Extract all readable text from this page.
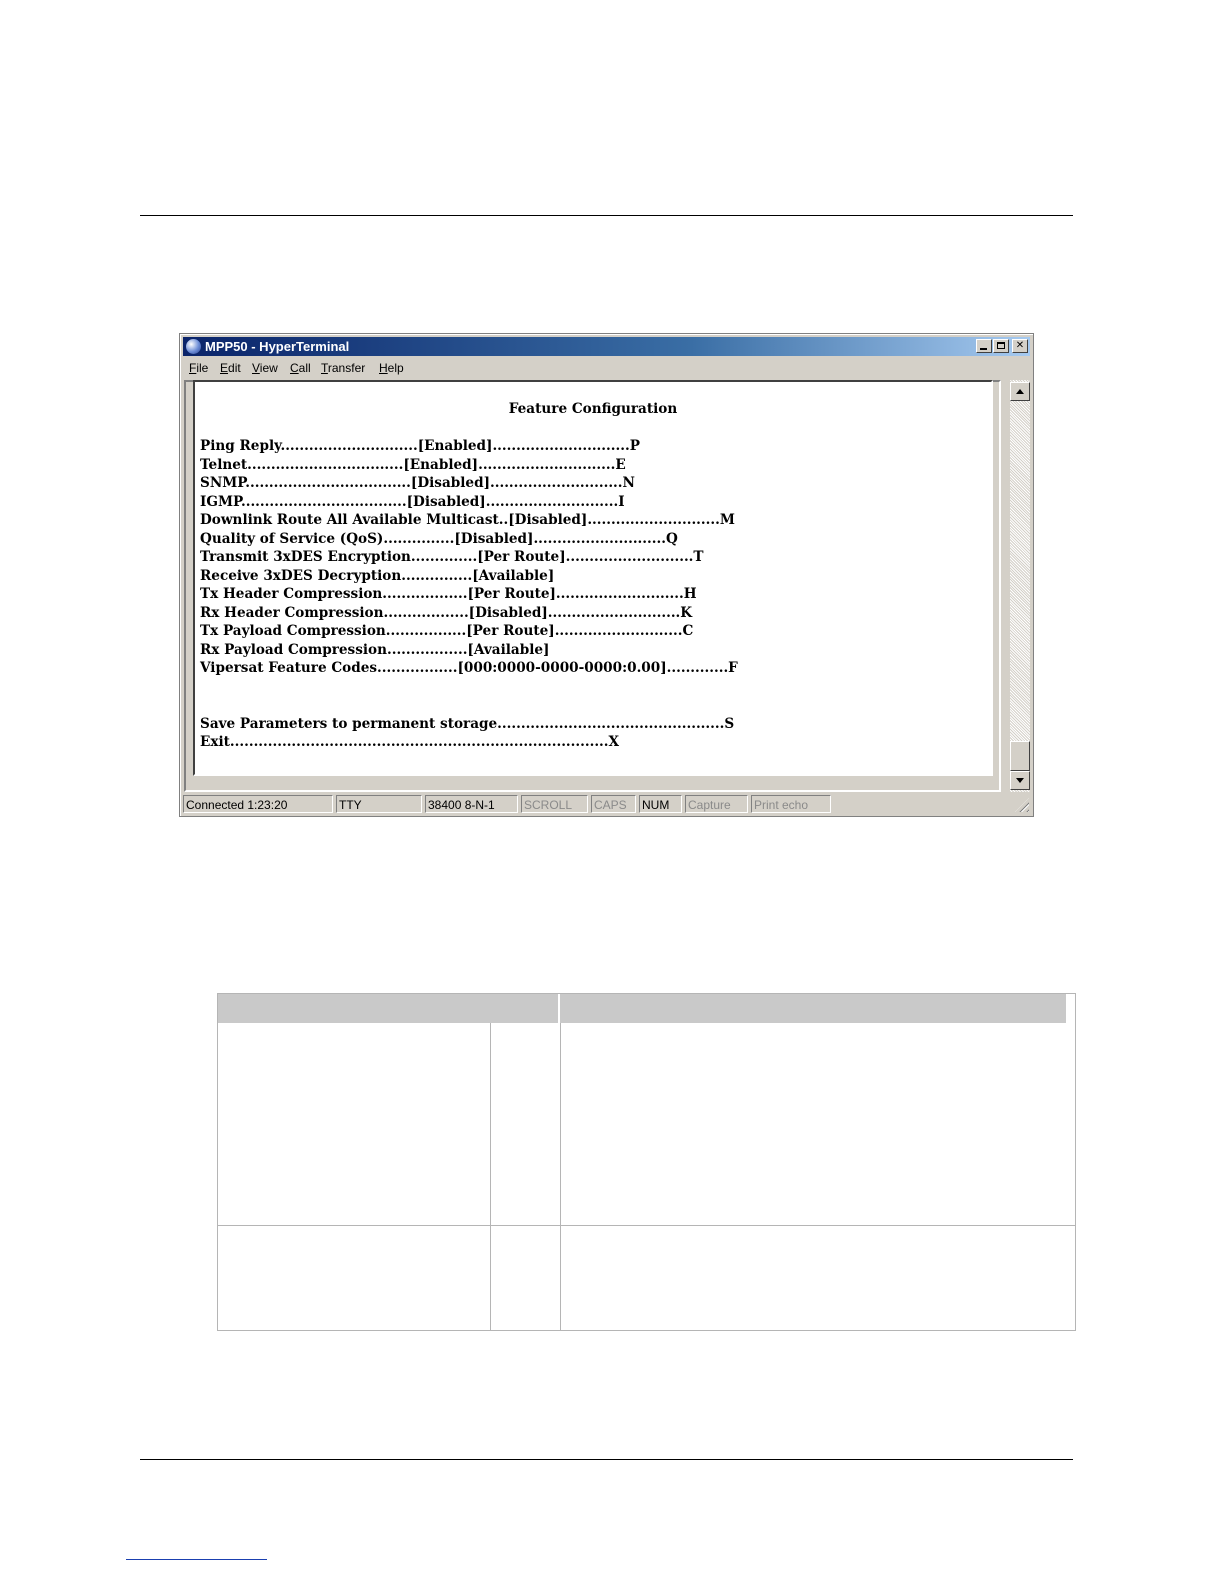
MPP50 - HyperTerminal	✕
File Edit View Call Transfer Help
Feature Configuration
Ping Reply.............................[Enabled].............................P
Telnet.................................[Enabled].............................E
SNMP...................................[Disabled]............................N
IGMP...................................[Disabled]............................I
Downlink Route All Available Multicast..[Disabled]............................M
Quality of Service (QoS)...............[Disabled]............................Q
Transmit 3xDES Encryption..............[Per Route]...........................T
Receive 3xDES Decryption...............[Available]
Tx Header Compression..................[Per Route]...........................H
Rx Header Compression..................[Disabled]............................K
Tx Payload Compression.................[Per Route]...........................C
Rx Payload Compression.................[Available]
Vipersat Feature Codes.................[000:0000-0000-0000:0.00].............F
Save Parameters to permanent storage................................................S
Exit................................................................................X
Connected 1:23:20	TTY	38400 8-N-1	SCROLL	CAPS	NUM	Capture	Print echo
